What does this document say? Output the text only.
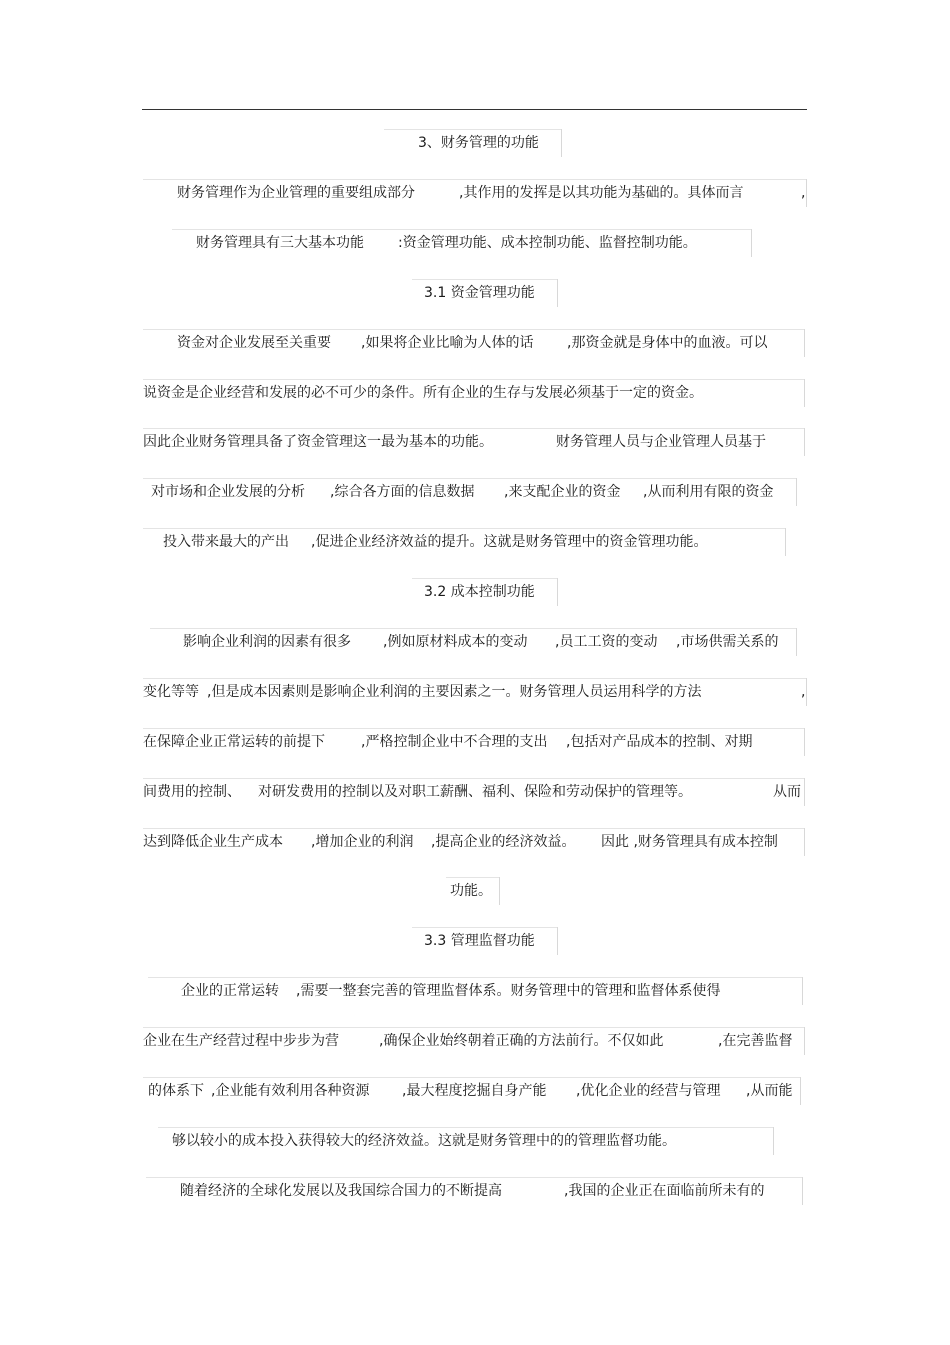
3、财务管理的功能
财务管理作为企业管理的重要组成部分	,其作用的发挥是以其功能为基础的。具体而言	,
财务管理具有三大基本功能 :资金管理功能、成本控制功能、监督控制功能。
3.1 资金管理功能
资金对企业发展至关重要 ,如果将企业比喻为人体的话 ,那资金就是身体中的血液。可以
说资金是企业经营和发展的必不可少的条件。所有企业的生存与发展必须基于一定的资金。
因此企业财务管理具备了资金管理这一最为基本的功能。	财务管理人员与企业管理人员基于
对市场和企业发展的分析 ,综合各方面的信息数据 ,来支配企业的资金 ,从而利用有限的资金
投入带来最大的产出 ,促进企业经济效益的提升。这就是财务管理中的资金管理功能。
3.2 成本控制功能
影响企业利润的因素有很多 ,例如原材料成本的变动 ,员工工资的变动 ,市场供需关系的
变化等等 ,但是成本因素则是影响企业利润的主要因素之一。财务管理人员运用科学的方法	,
在保障企业正常运转的前提下	,严格控制企业中不合理的支出 ,包括对产品成本的控制、对期
间费用的控制、 对研发费用的控制以及对职工薪酬、福利、保险和劳动保护的管理等。	从而
达到降低企业生产成本 ,增加企业的利润 ,提高企业的经济效益。 因此 ,财务管理具有成本控制
功能。
3.3 管理监督功能
企业的正常运转 ,需要一整套完善的管理监督体系。财务管理中的管理和监督体系使得
企业在生产经营过程中步步为营	,确保企业始终朝着正确的方法前行。不仅如此	,在完善监督
的体系下 ,企业能有效利用各种资源 ,最大程度挖掘自身产能 ,优化企业的经营与管理 ,从而能
够以较小的成本投入获得较大的经济效益。这就是财务管理中的的管理监督功能。
随着经济的全球化发展以及我国综合国力的不断提高	,我国的企业正在面临前所未有的
